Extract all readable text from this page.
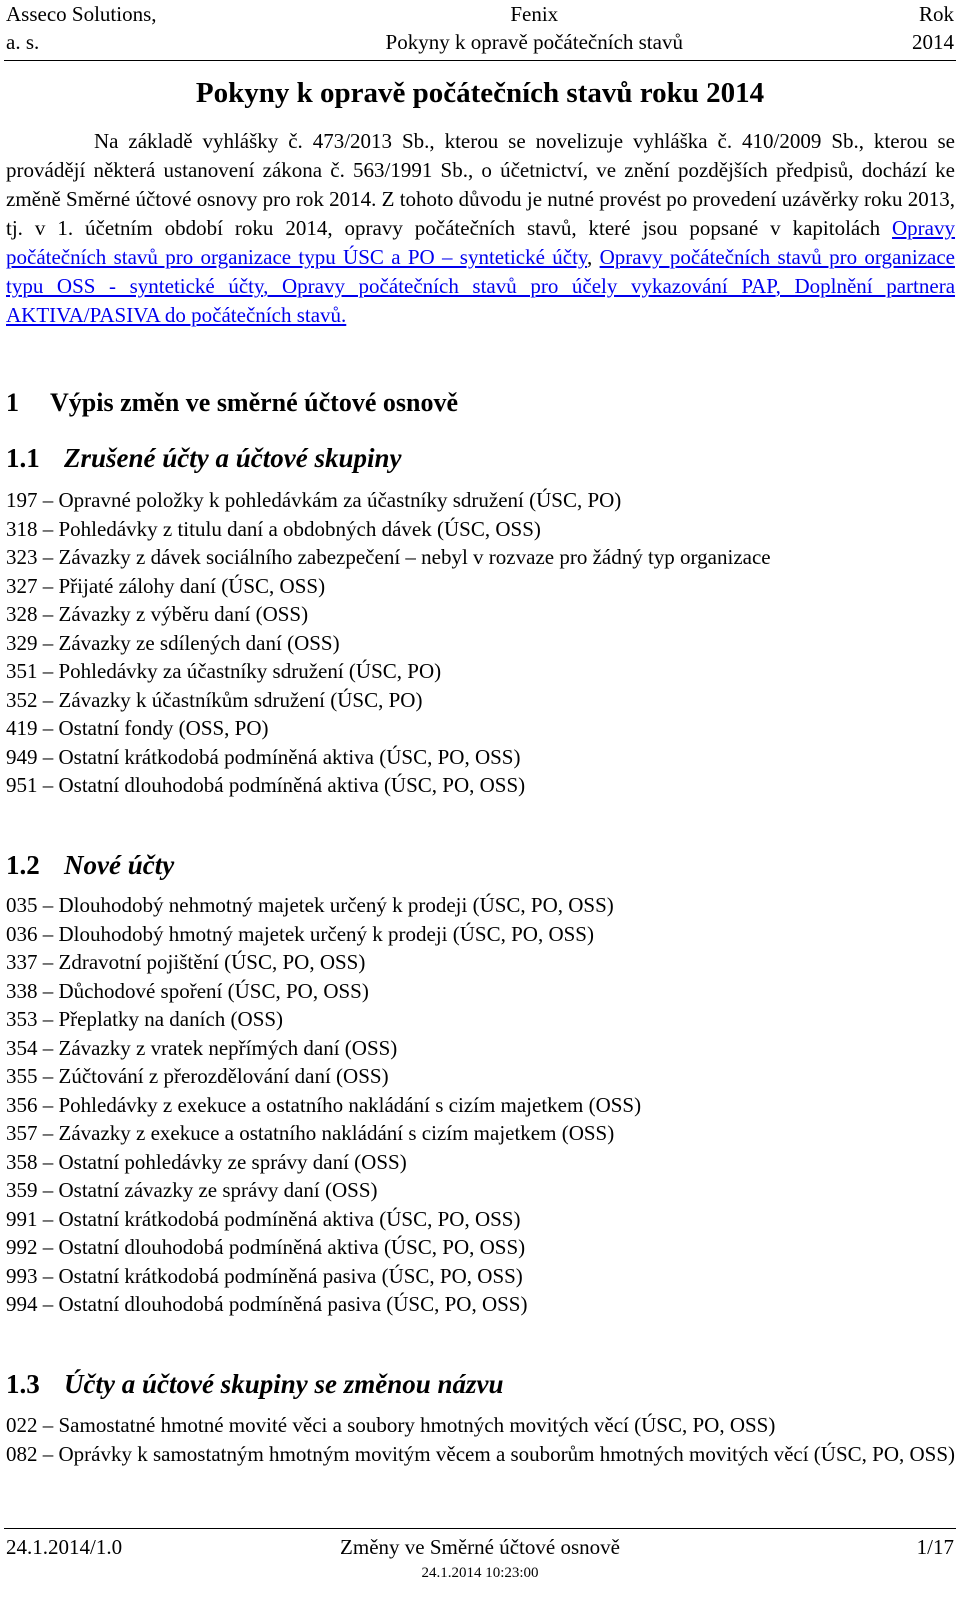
Asseco Solutions,
a. s.
Fenix
Pokyny k opravě počátečních stavů
Rok
2014
Pokyny k opravě počátečních stavů roku 2014

Na základě vyhlášky č. 473/2013 Sb., kterou se novelizuje vyhláška č. 410/2009 Sb., kterou se provádějí některá ustanovení zákona č. 563/1991 Sb., o účetnictví, ve znění pozdějších předpisů, dochází ke změně Směrné účtové osnovy pro rok 2014. Z tohoto důvodu je nutné provést po provedení uzávěrky roku 2013, tj. v 1. účetním období roku 2014, opravy počátečních stavů, které jsou popsané v kapitolách Opravy počátečních stavů pro organizace typu ÚSC a PO – syntetické účty, Opravy počátečních stavů pro organizace typu OSS - syntetické účty, Opravy počátečních stavů pro účely vykazování PAP, Doplnění partnera AKTIVA/PASIVA do počátečních stavů.

1 Výpis změn ve směrné účtové osnově
1.1 Zrušené účty a účtové skupiny
197 – Opravné položky k pohledávkám za účastníky sdružení (ÚSC, PO)
318 – Pohledávky z titulu daní a obdobných dávek (ÚSC, OSS)
323 – Závazky z dávek sociálního zabezpečení – nebyl v rozvaze pro žádný typ organizace
327 – Přijaté zálohy daní (ÚSC, OSS)
328 – Závazky z výběru daní (OSS)
329 – Závazky ze sdílených daní (OSS)
351 – Pohledávky za účastníky sdružení (ÚSC, PO)
352 – Závazky k účastníkům sdružení (ÚSC, PO)
419 – Ostatní fondy (OSS, PO)
949 – Ostatní krátkodobá podmíněná aktiva (ÚSC, PO, OSS)
951 – Ostatní dlouhodobá podmíněná aktiva (ÚSC, PO, OSS)
1.2 Nové účty
035 – Dlouhodobý nehmotný majetek určený k prodeji (ÚSC, PO, OSS)
036 – Dlouhodobý hmotný majetek určený k prodeji (ÚSC, PO, OSS)
337 – Zdravotní pojištění (ÚSC, PO, OSS)
338 – Důchodové spoření (ÚSC, PO, OSS)
353 – Přeplatky na daních (OSS)
354 – Závazky z vratek nepřímých daní (OSS)
355 – Zúčtování z přerozdělování daní (OSS)
356 – Pohledávky z exekuce a ostatního nakládání s cizím majetkem (OSS)
357 – Závazky z exekuce a ostatního nakládání s cizím majetkem (OSS)
358 – Ostatní pohledávky ze správy daní (OSS)
359 – Ostatní závazky ze správy daní (OSS)
991 – Ostatní krátkodobá podmíněná aktiva (ÚSC, PO, OSS)
992 – Ostatní dlouhodobá podmíněná aktiva (ÚSC, PO, OSS)
993 – Ostatní krátkodobá podmíněná pasiva (ÚSC, PO, OSS)
994 – Ostatní dlouhodobá podmíněná pasiva (ÚSC, PO, OSS)
1.3 Účty a účtové skupiny se změnou názvu
022 – Samostatné hmotné movité věci a soubory hmotných movitých věcí (ÚSC, PO, OSS)
082 – Oprávky k samostatným hmotným movitým věcem a souborům hmotných movitých věcí (ÚSC, PO, OSS)
24.1.2014/1.0	Změny ve Směrné účtové osnově	1/17
24.1.2014 10:23:00
